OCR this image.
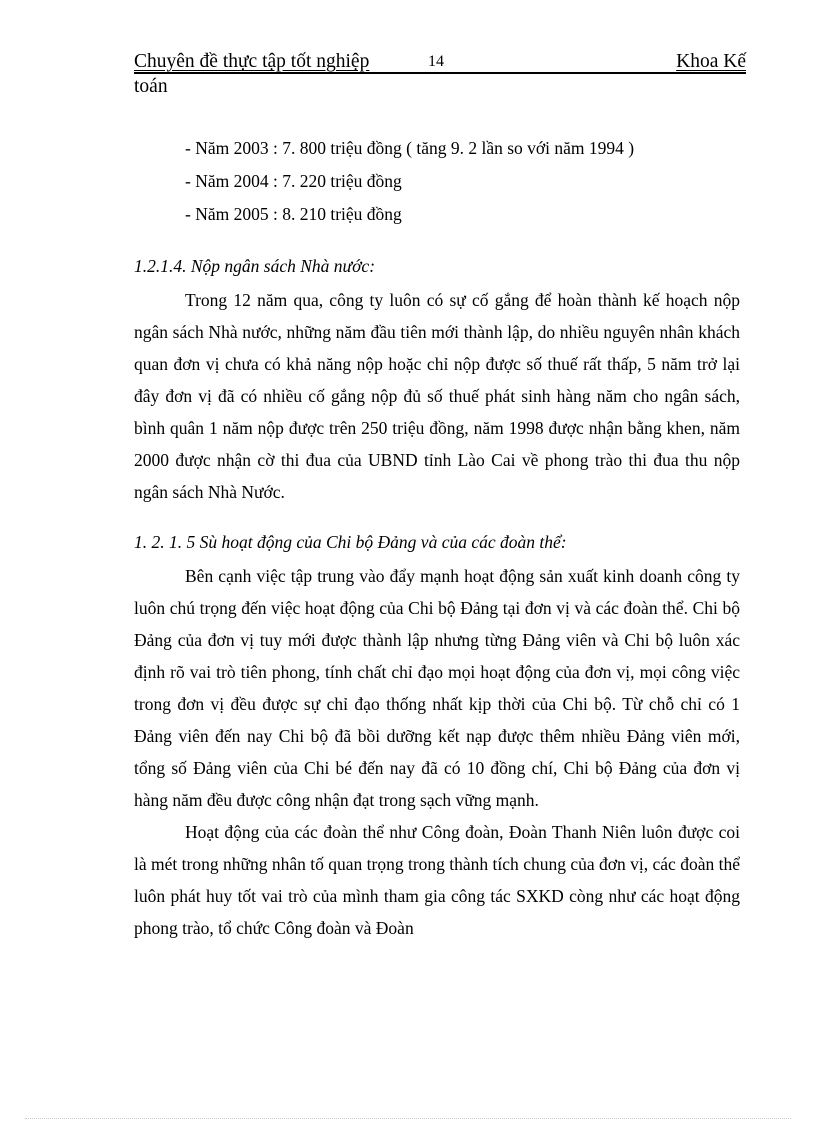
Chuyên đề thực tập tốt nghiệp	14	Khoa Kế
toán
- Năm 2003 : 7. 800 triệu đồng ( tăng 9. 2 lần so với năm 1994 )
- Năm 2004 : 7. 220 triệu đồng
- Năm 2005 : 8. 210 triệu đồng

1.2.1.4. Nộp ngân sách Nhà nước:

Trong 12 năm qua, công ty luôn có sự cố gắng để hoàn thành kế hoạch nộp ngân sách Nhà nước, những năm đầu tiên mới thành lập, do nhiều nguyên nhân khách quan đơn vị chưa có khả năng nộp hoặc chỉ nộp được số thuế rất thấp, 5 năm trở lại đây đơn vị đã có nhiều cố gắng nộp đủ số thuế phát sinh hàng năm cho ngân sách, bình quân 1 năm nộp được trên 250 triệu đồng, năm 1998 được nhận bằng khen, năm 2000 được nhận cờ thi đua của UBND tỉnh Lào Cai về phong trào thi đua thu nộp ngân sách Nhà Nước.

1. 2. 1. 5 Sù hoạt động của Chi bộ Đảng và của các đoàn thể:

Bên cạnh việc tập trung vào đẩy mạnh hoạt động sản xuất kinh doanh công ty luôn chú trọng đến việc hoạt động của Chi bộ Đảng tại đơn vị và các đoàn thể. Chi bộ Đảng của đơn vị tuy mới được thành lập nhưng từng Đảng viên và Chi bộ luôn xác định rõ vai trò tiên phong, tính chất chỉ đạo mọi hoạt động của đơn vị, mọi công việc trong đơn vị đều được sự chỉ đạo thống nhất kịp thời của Chi bộ. Từ chỗ chỉ có 1 Đảng viên đến nay Chi bộ đã bồi dưỡng kết nạp được thêm nhiều Đảng viên mới, tổng số Đảng viên của Chi bé đến nay đã có 10 đồng chí, Chi bộ Đảng của đơn vị hàng năm đều được công nhận đạt trong sạch vững mạnh.

Hoạt động của các đoàn thể như Công đoàn, Đoàn Thanh Niên luôn được coi là mét trong những nhân tố quan trọng trong thành tích chung của đơn vị, các đoàn thể luôn phát huy tốt vai trò của mình tham gia công tác SXKD còng như các hoạt động phong trào, tổ chức Công đoàn và Đoàn
